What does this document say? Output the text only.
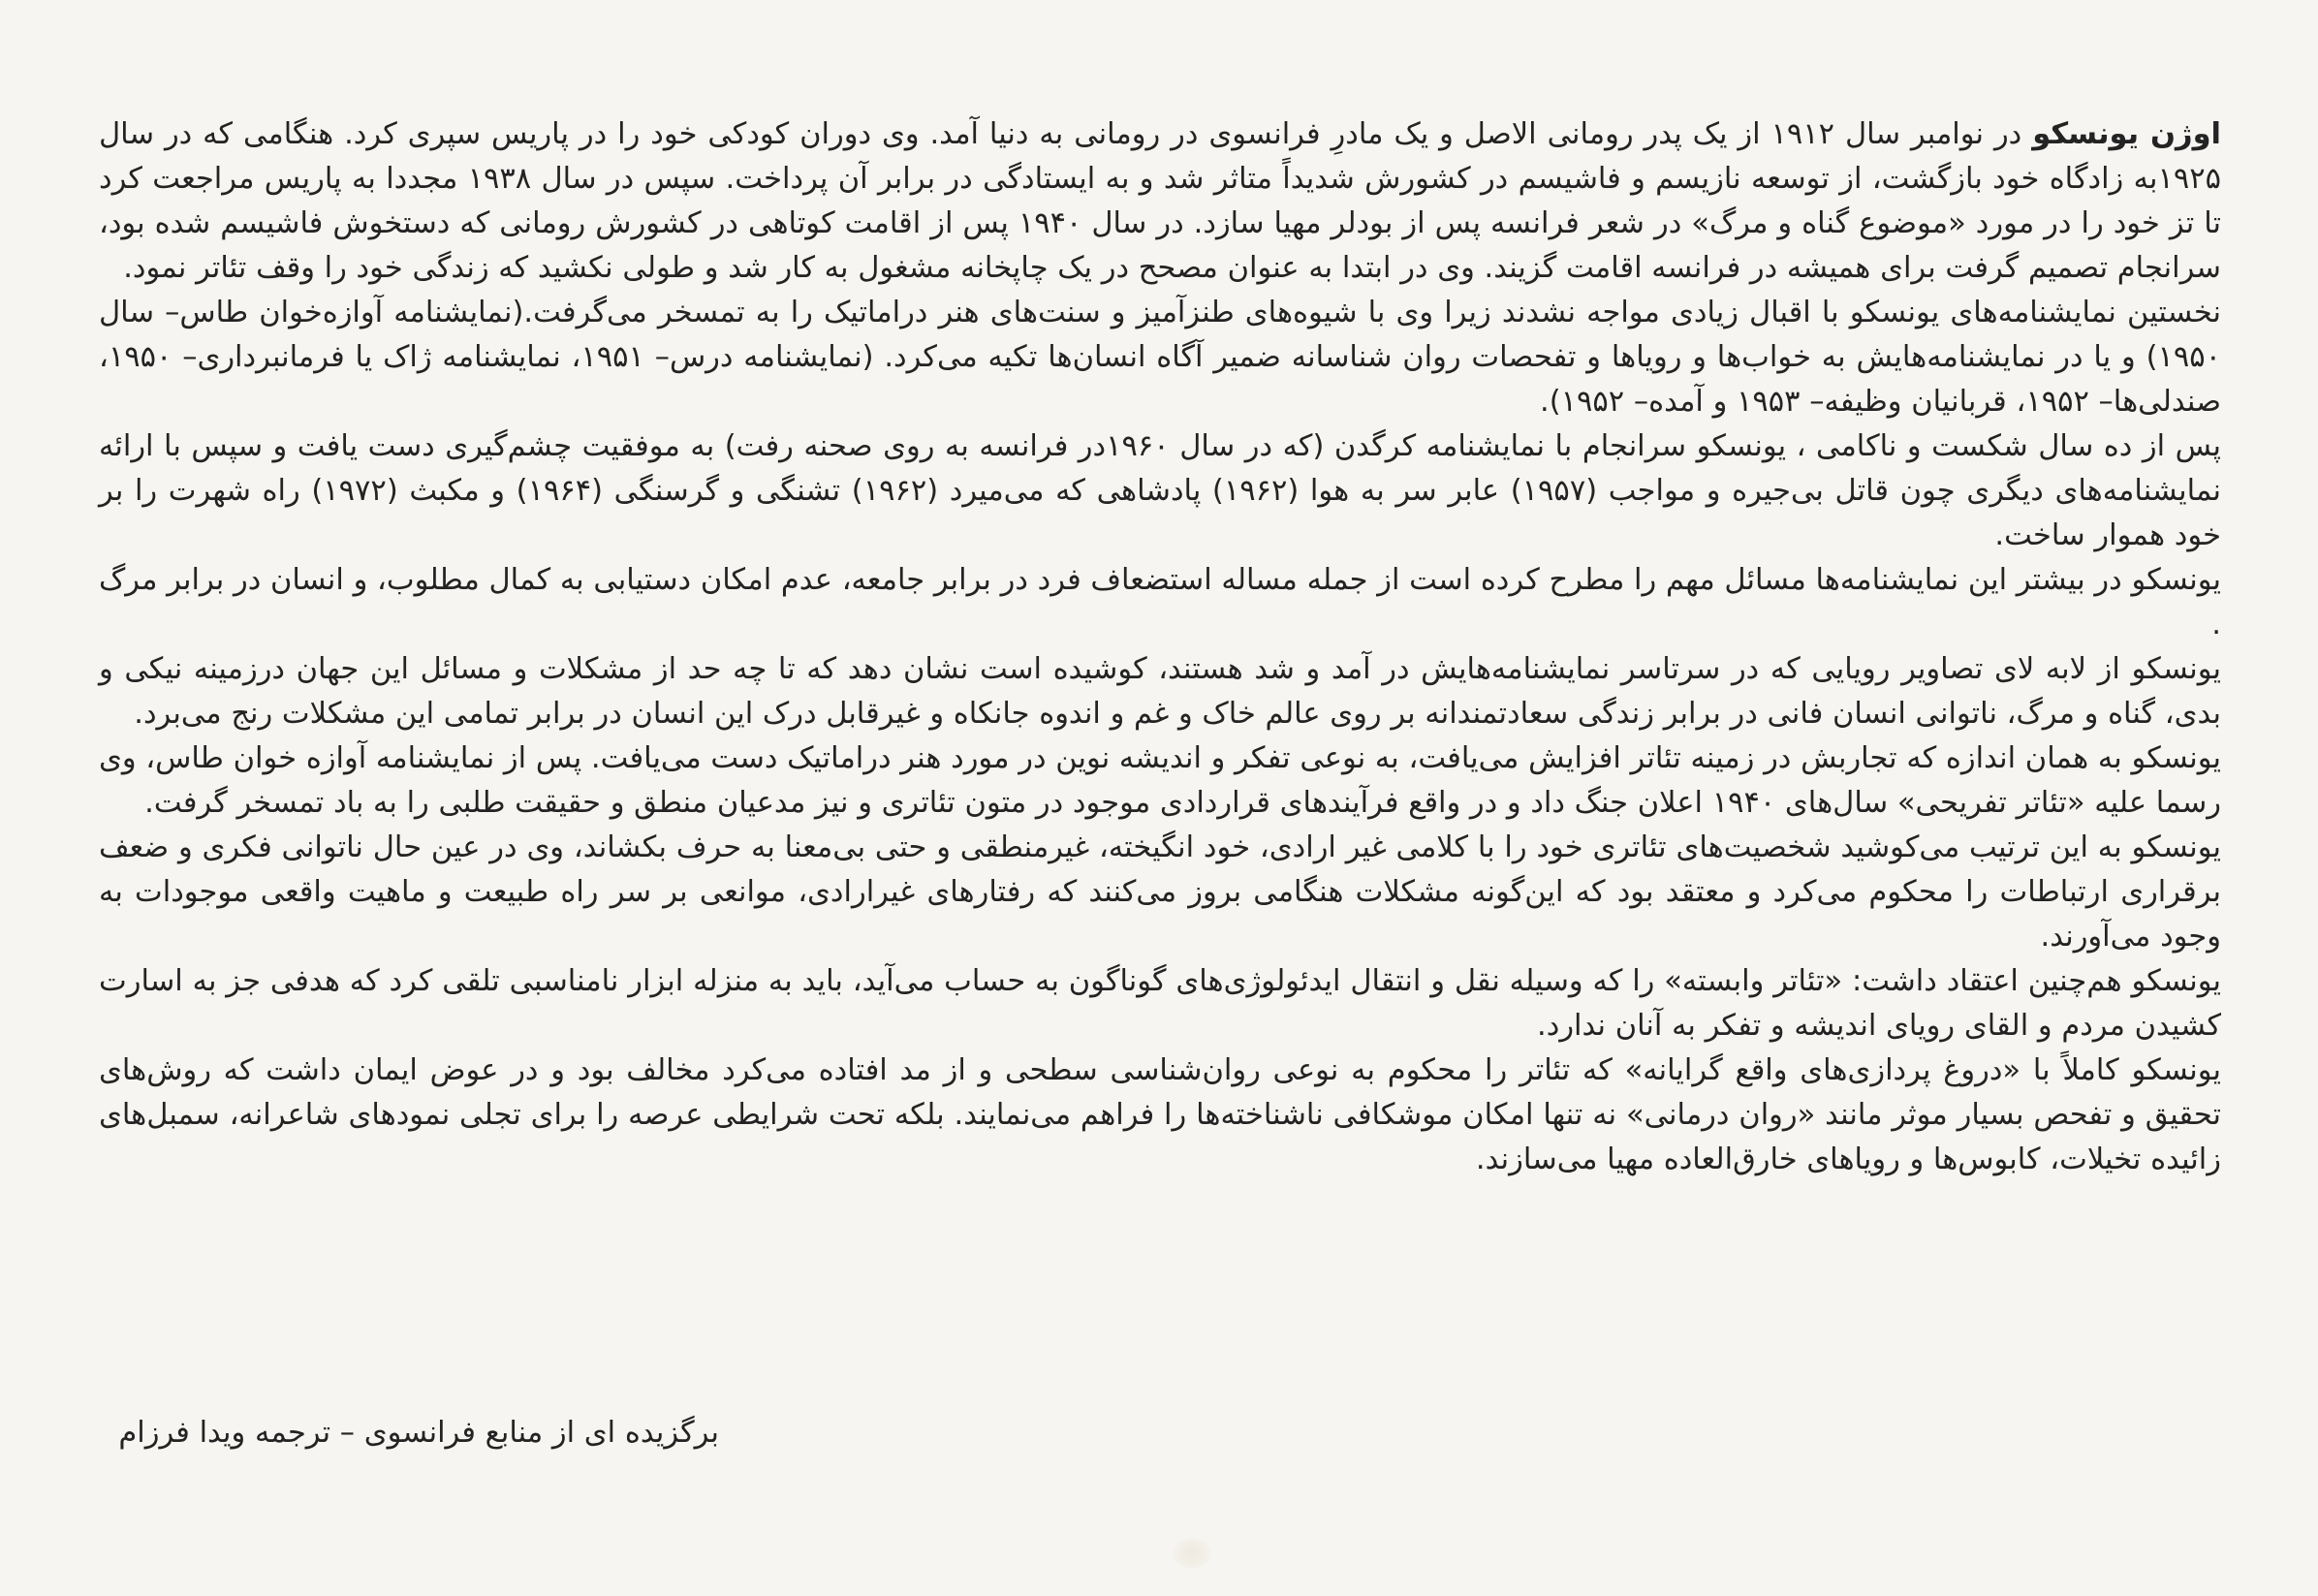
اوژن یونسکو در نوامبر سال ۱۹۱۲ از یک پدر رومانی الاصل و یک مادرِ فرانسوی در رومانی به دنیا آمد. وی دوران کودکی خود را در پاریس سپری کرد. هنگامی که در سال ۱۹۲۵به زادگاه خود بازگشت، از توسعه نازیسم و فاشیسم در کشورش شدیداً متاثر شد و به ایستادگی در برابر آن پرداخت. سپس در سال ۱۹۳۸ مجددا به پاریس مراجعت کرد تا تز خود را در مورد «موضوع گناه و مرگ» در شعر فرانسه پس از بودلر مهیا سازد. در سال ۱۹۴۰ پس از اقامت کوتاهی در کشورش رومانی که دستخوش فاشیسم شده بود، سرانجام تصمیم گرفت برای همیشه در فرانسه اقامت گزیند. وی در ابتدا به عنوان مصحح در یک چاپخانه مشغول به کار شد و طولی نکشید که زندگی خود را وقف تئاتر نمود.

نخستین نمایشنامه‌های یونسکو با اقبال زیادی مواجه نشدند زیرا وی با شیوه‌های طنزآمیز و سنت‌های هنر دراماتیک را به تمسخر می‌گرفت.(نمایشنامه آوازه‌خوان طاس– سال ۱۹۵۰) و یا در نمایشنامه‌هایش به خواب‌ها و رویاها و تفحصات روان شناسانه ضمیر آگاه انسان‌ها تکیه می‌کرد. (نمایشنامه درس– ۱۹۵۱، نمایشنامه ژاک یا فرمانبرداری– ۱۹۵۰، صندلی‌ها– ۱۹۵۲، قربانیان وظیفه– ۱۹۵۳ و آمده– ۱۹۵۲).

پس از ده سال شکست و ناکامی ، یونسکو سرانجام با نمایشنامه کرگدن (که در سال ۱۹۶۰در فرانسه به روی صحنه رفت) به موفقیت چشم‌گیری دست یافت و سپس با ارائه نمایشنامه‌های دیگری چون قاتل بی‌جیره و مواجب (۱۹۵۷) عابر سر به هوا (۱۹۶۲) پادشاهی که می‌میرد (۱۹۶۲) تشنگی و گرسنگی (۱۹۶۴) و مکبث (۱۹۷۲) راه شهرت را بر خود هموار ساخت.

یونسکو در بیشتر این نمایشنامه‌ها مسائل مهم را مطرح کرده است از جمله مساله استضعاف فرد در برابر جامعه، عدم امکان دستیابی به کمال مطلوب، و انسان در برابر مرگ .

یونسکو از لابه لای تصاویر رویایی که در سرتاسر نمایشنامه‌هایش در آمد و شد هستند، کوشیده است نشان دهد که تا چه حد از مشکلات و مسائل این جهان درزمینه نیکی و بدی، گناه و مرگ، ناتوانی انسان فانی در برابر زندگی سعادتمندانه بر روی عالم خاک و غم و اندوه جانکاه و غیرقابل درک این انسان در برابر تمامی این مشکلات رنج می‌برد.

یونسکو به همان اندازه که تجاربش در زمینه تئاتر افزایش می‌یافت، به نوعی تفکر و اندیشه نوین در مورد هنر دراماتیک دست می‌یافت. پس از نمایشنامه آوازه خوان طاس، وی رسما علیه «تئاتر تفریحی» سال‌های ۱۹۴۰ اعلان جنگ داد و در واقع فرآیندهای قراردادی موجود در متون تئاتری و نیز مدعیان منطق و حقیقت طلبی را به باد تمسخر گرفت.

یونسکو به این ترتیب می‌کوشید شخصیت‌های تئاتری خود را با کلامی غیر ارادی، خود انگیخته، غیرمنطقی و حتی بی‌معنا به حرف بکشاند، وی در عین حال ناتوانی فکری و ضعف برقراری ارتباطات را محکوم می‌کرد و معتقد بود که این‌گونه مشکلات هنگامی بروز می‌کنند که رفتارهای غیرارادی، موانعی بر سر راه طبیعت و ماهیت واقعی موجودات به وجود می‌آورند.

یونسکو هم‌چنین اعتقاد داشت: «تئاتر وابسته» را که وسیله نقل و انتقال ایدئولوژی‌های گوناگون به حساب می‌آید، باید به منزله ابزار نامناسبی تلقی کرد که هدفی جز به اسارت کشیدن مردم و القای رویای اندیشه و تفکر به آنان ندارد.

یونسکو کاملاً با «دروغ پردازی‌های واقع گرایانه» که تئاتر را محکوم به نوعی روان‌شناسی سطحی و از مد افتاده می‌کرد مخالف بود و در عوض ایمان داشت که روش‌های تحقیق و تفحص بسیار موثر مانند «روان درمانی» نه تنها امکان موشکافی ناشناخته‌ها را فراهم می‌نمایند. بلکه تحت شرایطی عرصه را برای تجلی نمودهای شاعرانه، سمبل‌های زائیده تخیلات، کابوس‌ها و رویاهای خارق‌العاده مهیا می‌سازند.

برگزیده ای از منابع فرانسوی – ترجمه ویدا فرزام
